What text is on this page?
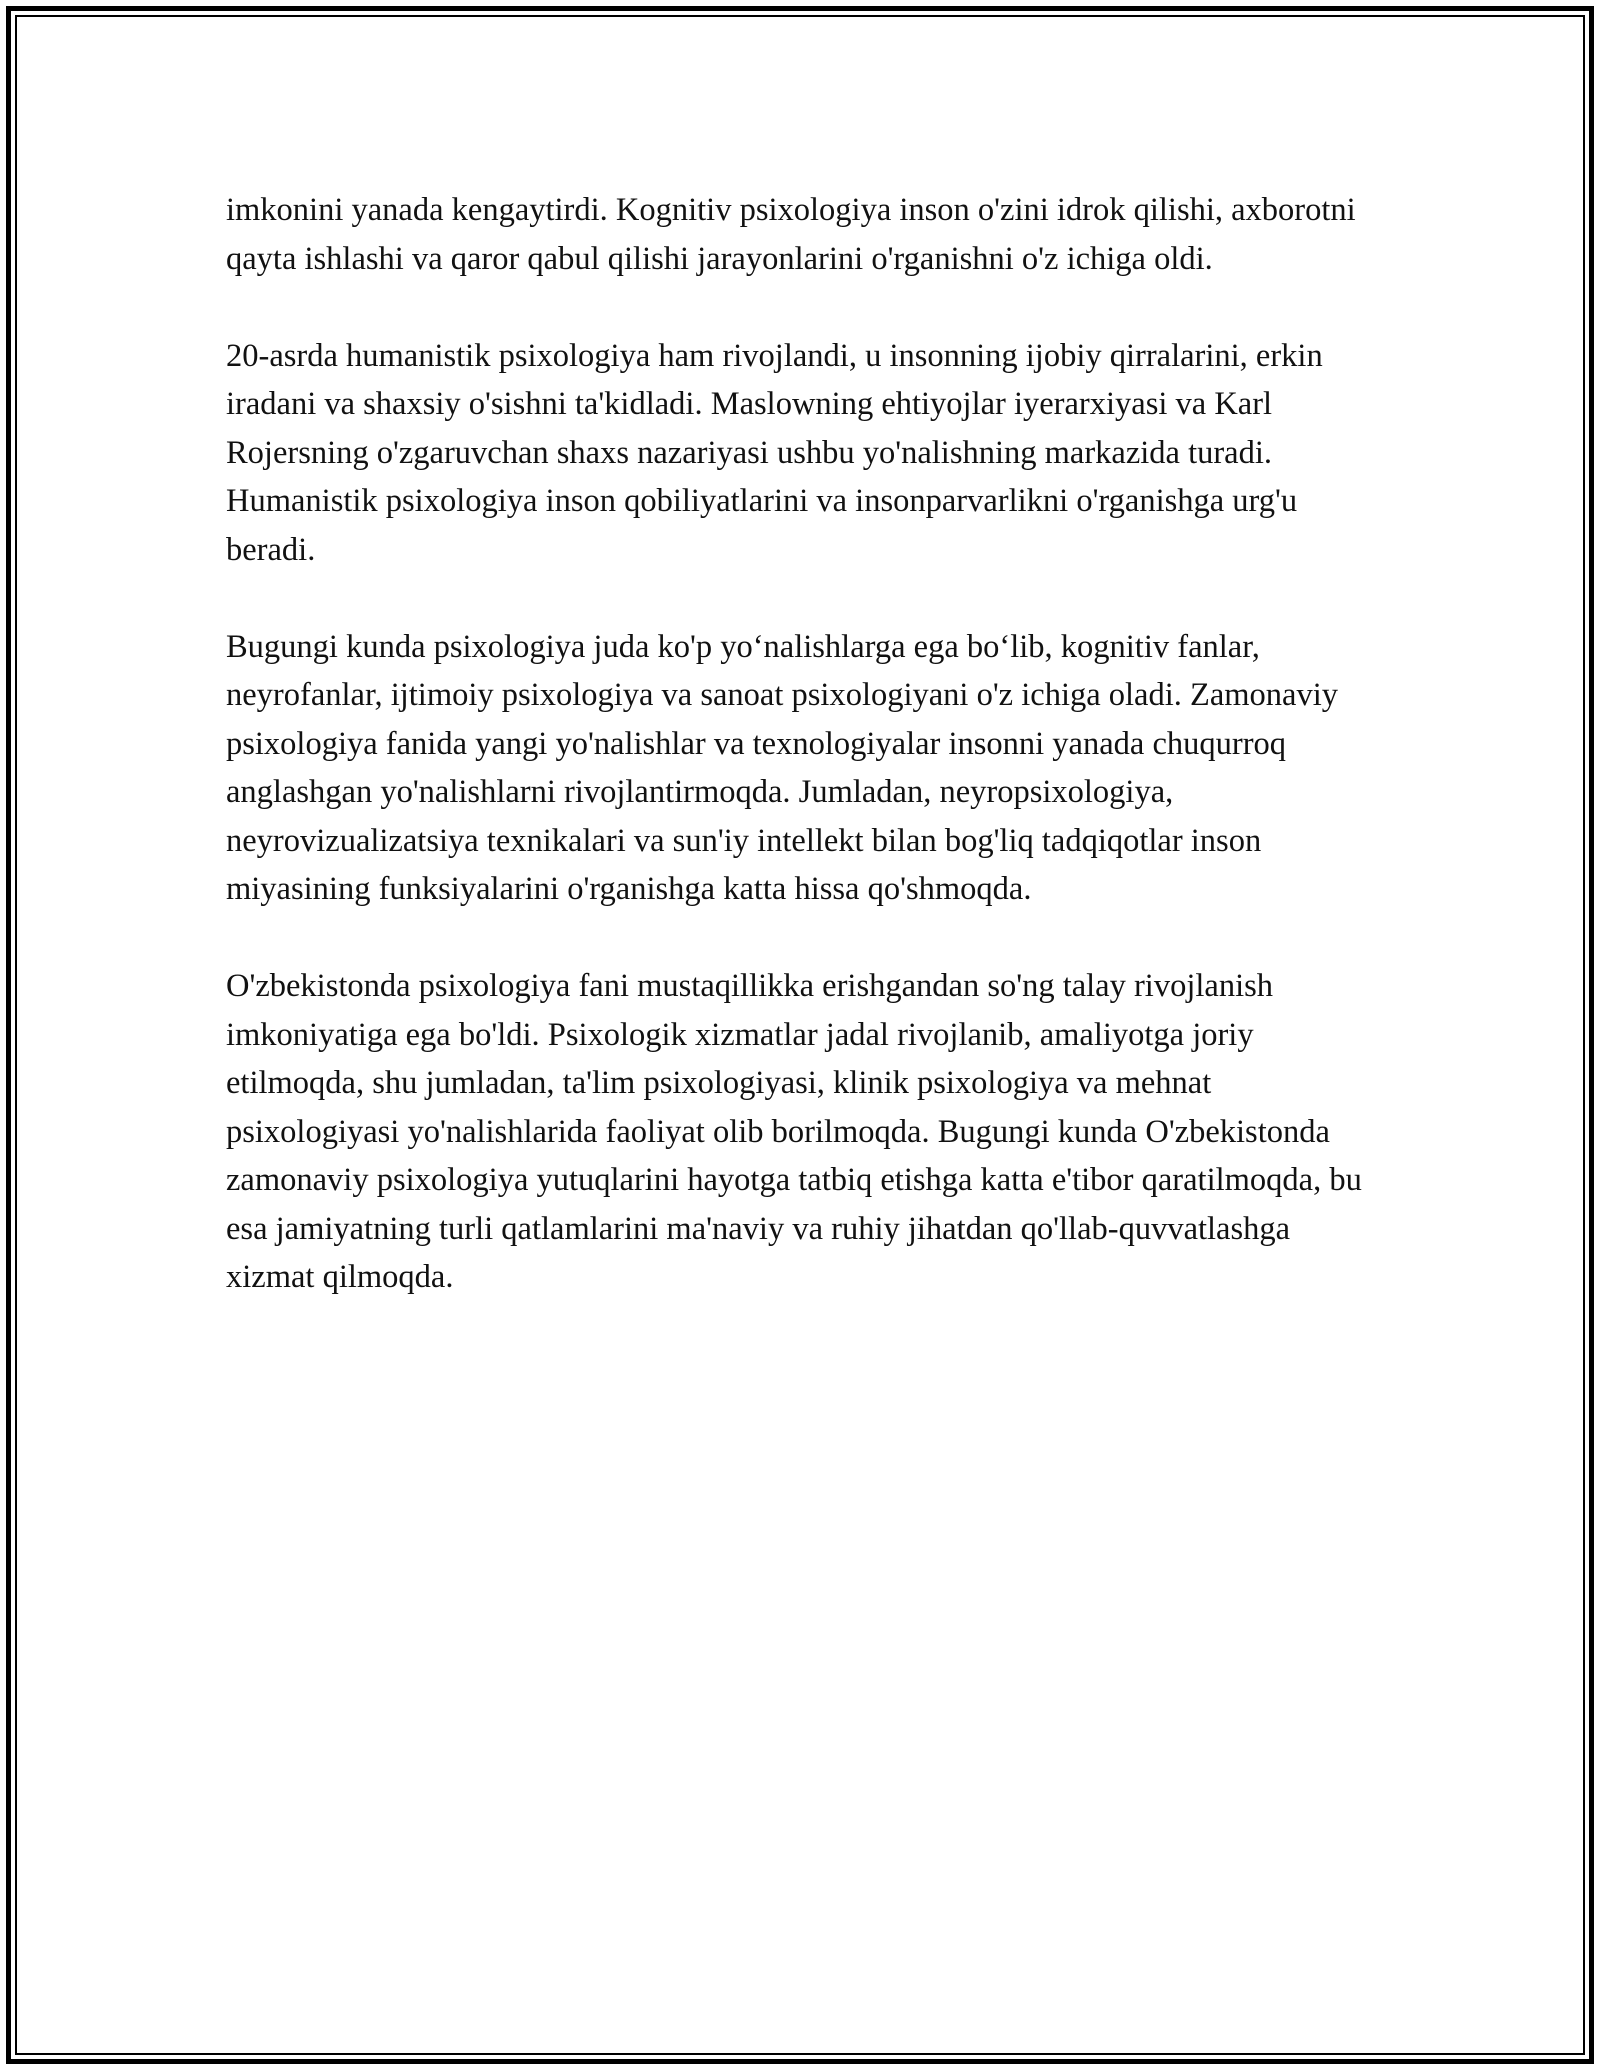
imkonini yanada kengaytirdi. Kognitiv psixologiya inson o'zini idrok qilishi, axborotni qayta ishlashi va qaror qabul qilishi jarayonlarini o'rganishni o'z ichiga oldi.

20-asrda humanistik psixologiya ham rivojlandi, u insonning ijobiy qirralarini, erkin iradani va shaxsiy o'sishni ta'kidladi. Maslowning ehtiyojlar iyerarxiyasi va Karl Rojersning o'zgaruvchan shaxs nazariyasi ushbu yo'nalishning markazida turadi. Humanistik psixologiya inson qobiliyatlarini va insonparvarlikni o'rganishga urg'u beradi.

Bugungi kunda psixologiya juda ko'p yo‘nalishlarga ega bo‘lib, kognitiv fanlar, neyrofanlar, ijtimoiy psixologiya va sanoat psixologiyani o'z ichiga oladi. Zamonaviy psixologiya fanida yangi yo'nalishlar va texnologiyalar insonni yanada chuqurroq anglashgan yo'nalishlarni rivojlantirmoqda. Jumladan, neyropsixologiya, neyrovizualizatsiya texnikalari va sun'iy intellekt bilan bog'liq tadqiqotlar inson miyasining funksiyalarini o'rganishga katta hissa qo'shmoqda.

O'zbekistonda psixologiya fani mustaqillikka erishgandan so'ng talay rivojlanish imkoniyatiga ega bo'ldi. Psixologik xizmatlar jadal rivojlanib, amaliyotga joriy etilmoqda, shu jumladan, ta'lim psixologiyasi, klinik psixologiya va mehnat psixologiyasi yo'nalishlarida faoliyat olib borilmoqda. Bugungi kunda O'zbekistonda zamonaviy psixologiya yutuqlarini hayotga tatbiq etishga katta e'tibor qaratilmoqda, bu esa jamiyatning turli qatlamlarini ma'naviy va ruhiy jihatdan qo'llab-quvvatlashga xizmat qilmoqda.
